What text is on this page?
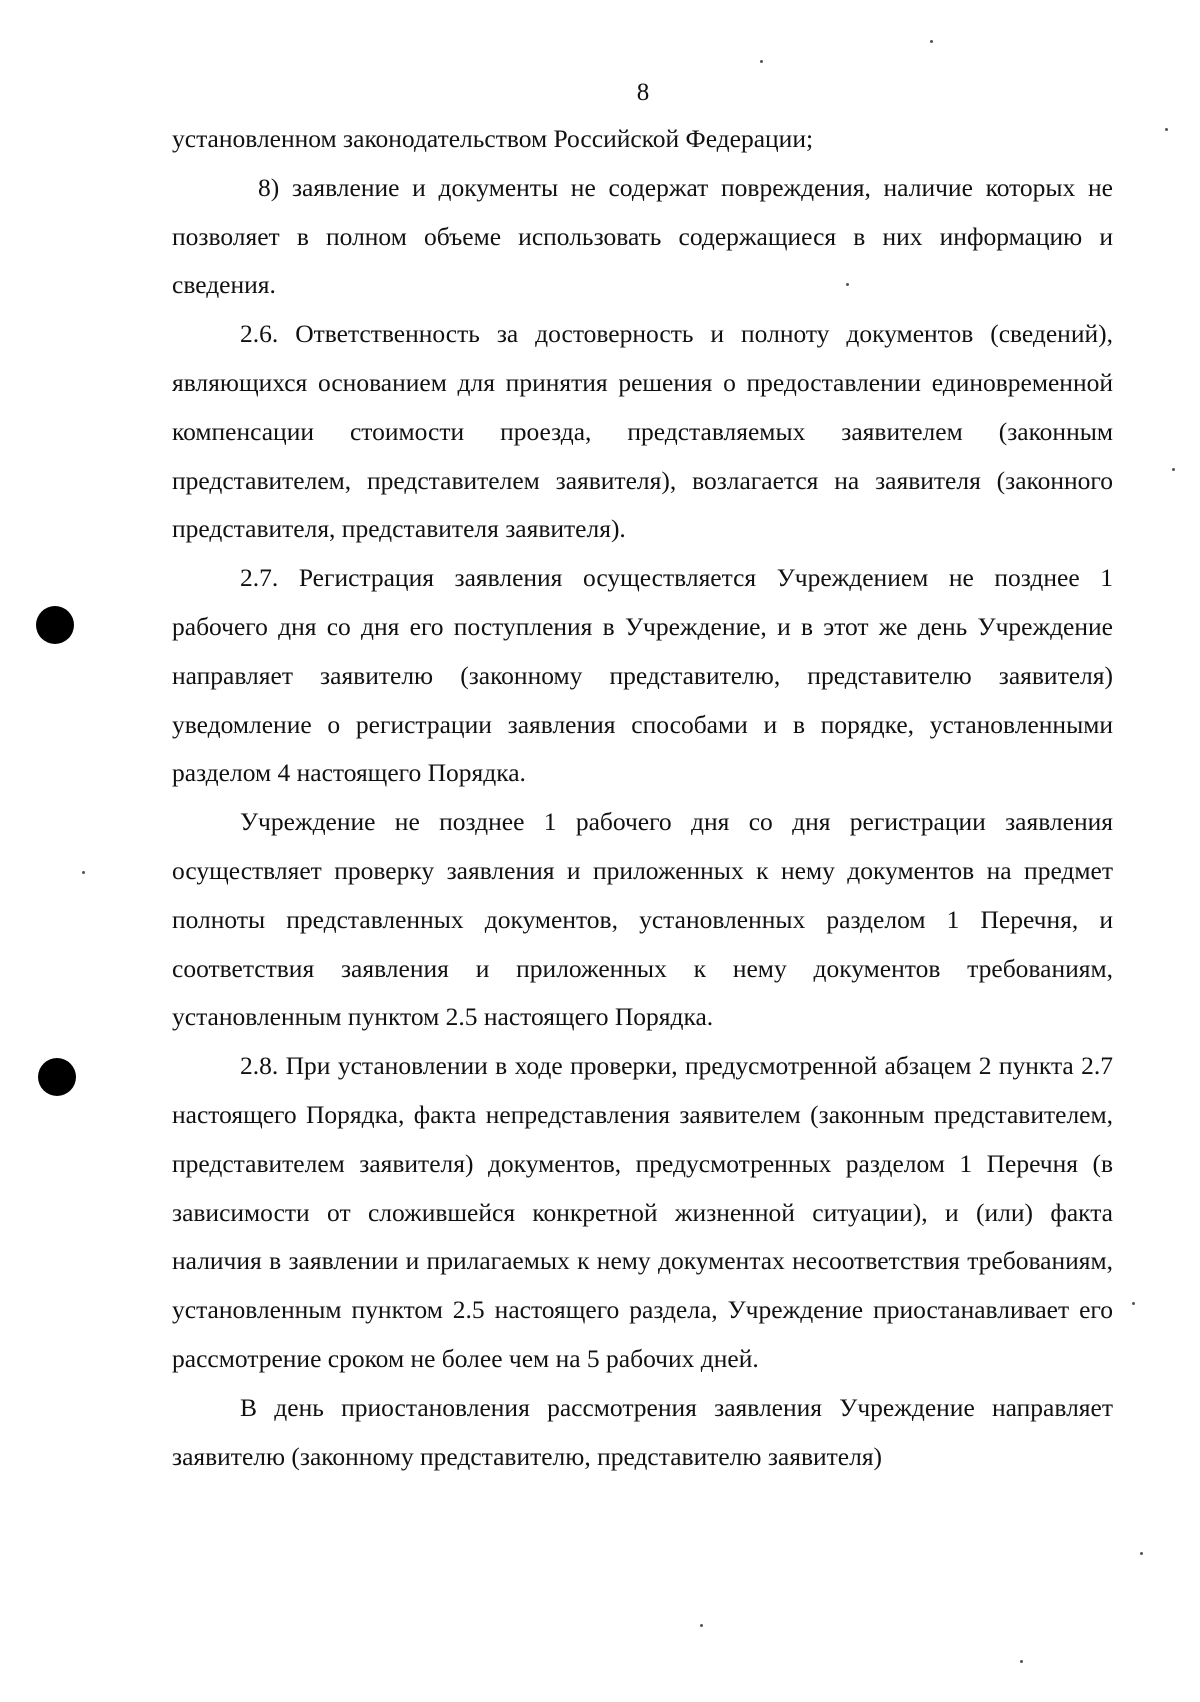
8

установленном законодательством Российской Федерации;

8) заявление и документы не содержат повреждения, наличие которых не позволяет в полном объеме использовать содержащиеся в них информацию и сведения.

2.6. Ответственность за достоверность и полноту документов (сведений), являющихся основанием для принятия решения о предоставлении единовременной компенсации стоимости проезда, представляемых заявителем (законным представителем, представителем заявителя), возлагается на заявителя (законного представителя, представителя заявителя).

2.7. Регистрация заявления осуществляется Учреждением не позднее 1 рабочего дня со дня его поступления в Учреждение, и в этот же день Учреждение направляет заявителю (законному представителю, представителю заявителя) уведомление о регистрации заявления способами и в порядке, установленными разделом 4 настоящего Порядка.

Учреждение не позднее 1 рабочего дня со дня регистрации заявления осуществляет проверку заявления и приложенных к нему документов на предмет полноты представленных документов, установленных разделом 1 Перечня, и соответствия заявления и приложенных к нему документов требованиям, установленным пунктом 2.5 настоящего Порядка.

2.8. При установлении в ходе проверки, предусмотренной абзацем 2 пункта 2.7 настоящего Порядка, факта непредставления заявителем (законным представителем, представителем заявителя) документов, предусмотренных разделом 1 Перечня (в зависимости от сложившейся конкретной жизненной ситуации), и (или) факта наличия в заявлении и прилагаемых к нему документах несоответствия требованиям, установленным пунктом 2.5 настоящего раздела, Учреждение приостанавливает его рассмотрение сроком не более чем на 5 рабочих дней.

В день приостановления рассмотрения заявления Учреждение направляет заявителю (законному представителю, представителю заявителя)
